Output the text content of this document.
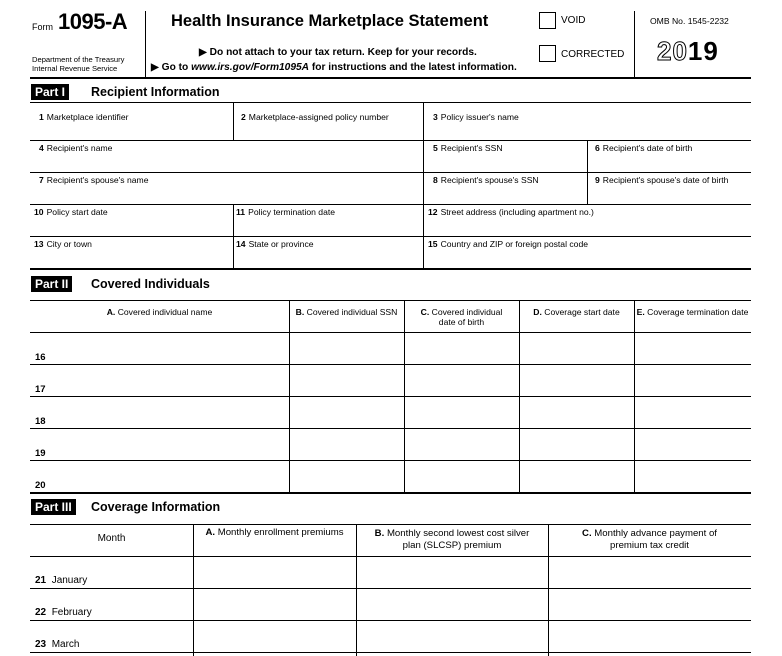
Form 1095-A
Department of the Treasury
Internal Revenue Service
Health Insurance Marketplace Statement
▶ Do not attach to your tax return. Keep for your records.
▶ Go to www.irs.gov/Form1095A for instructions and the latest information.
VOID
CORRECTED
OMB No. 1545-2232
2019
Part I	Recipient Information
1 Marketplace identifier	2 Marketplace-assigned policy number	3 Policy issuer's name
4 Recipient's name	5 Recipient's SSN	6 Recipient's date of birth
7 Recipient's spouse's name	8 Recipient's spouse's SSN	9 Recipient's spouse's date of birth
10 Policy start date	11 Policy termination date	12 Street address (including apartment no.)
13 City or town	14 State or province	15 Country and ZIP or foreign postal code
Part II	Covered Individuals
A. Covered individual name	B. Covered individual SSN	C. Covered individual
date of birth
D. Coverage start date	E. Coverage termination date
16
17
18
19
20
Part III	Coverage Information
Month
A. Monthly enrollment premiums	B. Monthly second lowest cost silver
plan (SLCSP) premium
C. Monthly advance payment of
premium tax credit
21 January
22 February
23 March
